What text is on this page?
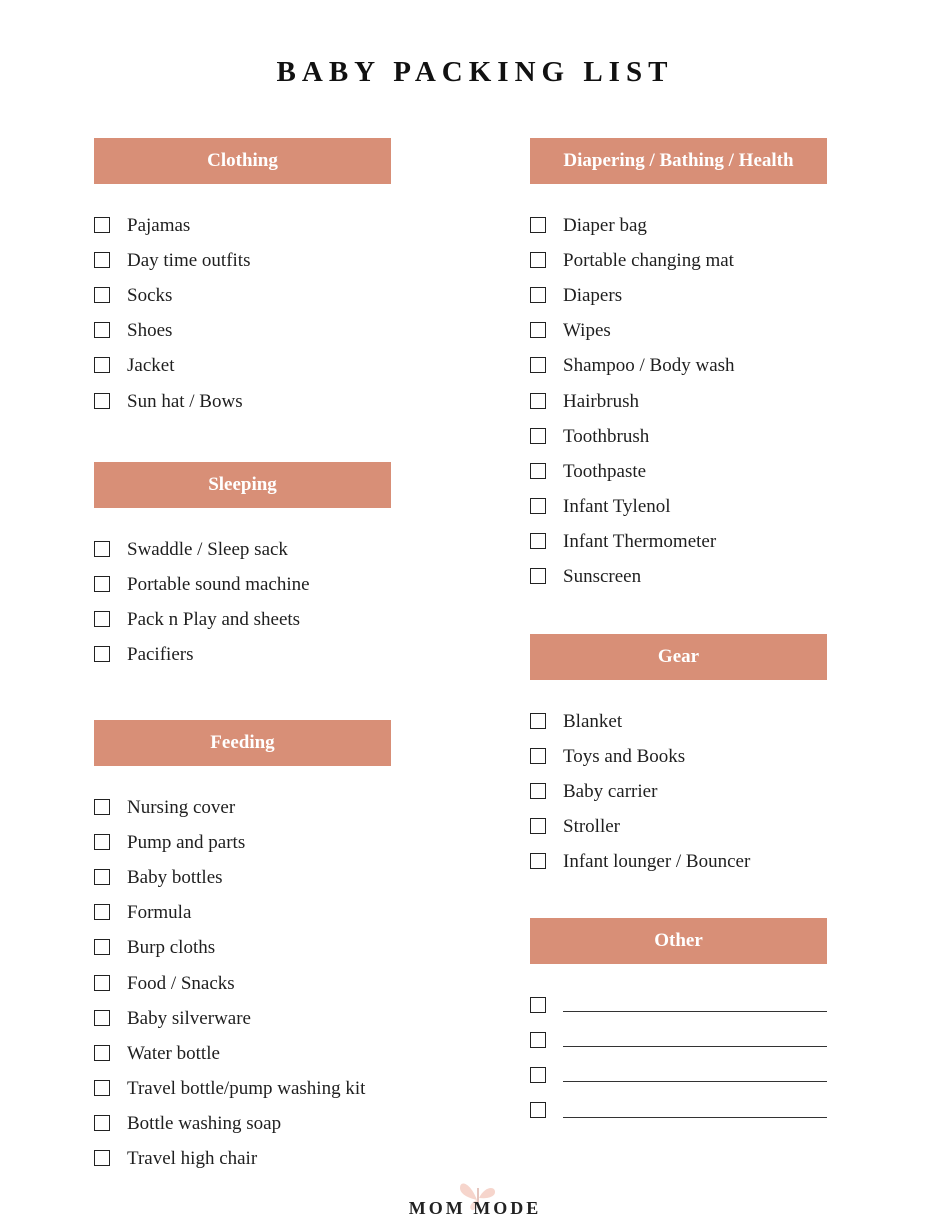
BABY PACKING LIST
Clothing
Pajamas
Day time outfits
Socks
Shoes
Jacket
Sun hat / Bows
Sleeping
Swaddle / Sleep sack
Portable sound machine
Pack n Play and sheets
Pacifiers
Feeding
Nursing cover
Pump and parts
Baby bottles
Formula
Burp cloths
Food / Snacks
Baby silverware
Water bottle
Travel bottle/pump washing kit
Bottle washing soap
Travel high chair
Diapering / Bathing / Health
Diaper bag
Portable changing mat
Diapers
Wipes
Shampoo / Body wash
Hairbrush
Toothbrush
Toothpaste
Infant Tylenol
Infant Thermometer
Sunscreen
Gear
Blanket
Toys and Books
Baby carrier
Stroller
Infant lounger / Bouncer
Other
MOM MODE
